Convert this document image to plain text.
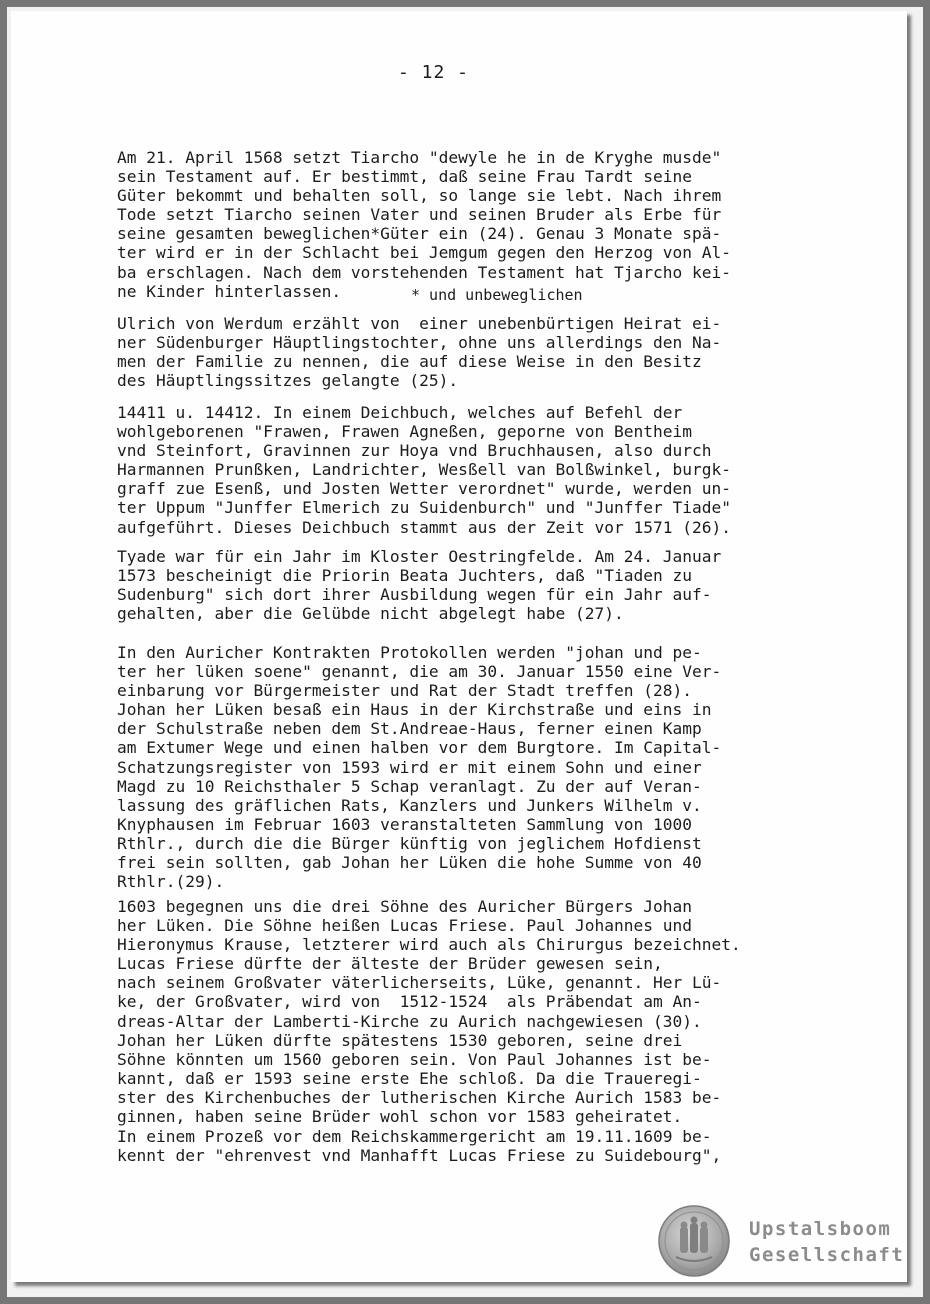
- 12 -
Am 21. April 1568 setzt Tiarcho "dewyle he in de Kryghe musde"
sein Testament auf. Er bestimmt, daß seine Frau Tardt seine
Güter bekommt und behalten soll, so lange sie lebt. Nach ihrem
Tode setzt Tiarcho seinen Vater und seinen Bruder als Erbe für
seine gesamten beweglichen*Güter ein (24). Genau 3 Monate spä-
ter wird er in der Schlacht bei Jemgum gegen den Herzog von Al-
ba erschlagen. Nach dem vorstehenden Testament hat Tjarcho kei-
ne Kinder hinterlassen.	* und unbeweglichen
Ulrich von Werdum erzählt von  einer unebenbürtigen Heirat ei-
ner Südenburger Häuptlingstochter, ohne uns allerdings den Na-
men der Familie zu nennen, die auf diese Weise in den Besitz
des Häuptlingssitzes gelangte (25).
14411 u. 14412. In einem Deichbuch, welches auf Befehl der
wohlgeborenen "Frawen, Frawen Agneßen, geporne von Bentheim
vnd Steinfort, Gravinnen zur Hoya vnd Bruchhausen, also durch
Harmannen Prunßken, Landrichter, Wesßell van Bolßwinkel, burgk-
graff zue Esenß, und Josten Wetter verordnet" wurde, werden un-
ter Uppum "Junffer Elmerich zu Suidenburch" und "Junffer Tiade"
aufgeführt. Dieses Deichbuch stammt aus der Zeit vor 1571 (26).
Tyade war für ein Jahr im Kloster Oestringfelde. Am 24. Januar
1573 bescheinigt die Priorin Beata Juchters, daß "Tiaden zu
Sudenburg" sich dort ihrer Ausbildung wegen für ein Jahr auf-
gehalten, aber die Gelübde nicht abgelegt habe (27).
In den Auricher Kontrakten Protokollen werden "johan und pe-
ter her lüken soene" genannt, die am 30. Januar 1550 eine Ver-
einbarung vor Bürgermeister und Rat der Stadt treffen (28).
Johan her Lüken besaß ein Haus in der Kirchstraße und eins in
der Schulstraße neben dem St.Andreae-Haus, ferner einen Kamp
am Extumer Wege und einen halben vor dem Burgtore. Im Capital-
Schatzungsregister von 1593 wird er mit einem Sohn und einer
Magd zu 10 Reichsthaler 5 Schap veranlagt. Zu der auf Veran-
lassung des gräflichen Rats, Kanzlers und Junkers Wilhelm v.
Knyphausen im Februar 1603 veranstalteten Sammlung von 1000
Rthlr., durch die die Bürger künftig von jeglichem Hofdienst
frei sein sollten, gab Johan her Lüken die hohe Summe von 40
Rthlr.(29).
1603 begegnen uns die drei Söhne des Auricher Bürgers Johan
her Lüken. Die Söhne heißen Lucas Friese. Paul Johannes und
Hieronymus Krause, letzterer wird auch als Chirurgus bezeichnet.
Lucas Friese dürfte der älteste der Brüder gewesen sein,
nach seinem Großvater väterlicherseits, Lüke, genannt. Her Lü-
ke, der Großvater, wird von  1512-1524  als Präbendat am An-
dreas-Altar der Lamberti-Kirche zu Aurich nachgewiesen (30).
Johan her Lüken dürfte spätestens 1530 geboren, seine drei
Söhne könnten um 1560 geboren sein. Von Paul Johannes ist be-
kannt, daß er 1593 seine erste Ehe schloß. Da die Traueregi-
ster des Kirchenbuches der lutherischen Kirche Aurich 1583 be-
ginnen, haben seine Brüder wohl schon vor 1583 geheiratet.
In einem Prozeß vor dem Reichskammergericht am 19.11.1609 be-
kennt der "ehrenvest vnd Manhafft Lucas Friese zu Suidebourg",
Upstalsboom
Gesellschaft
